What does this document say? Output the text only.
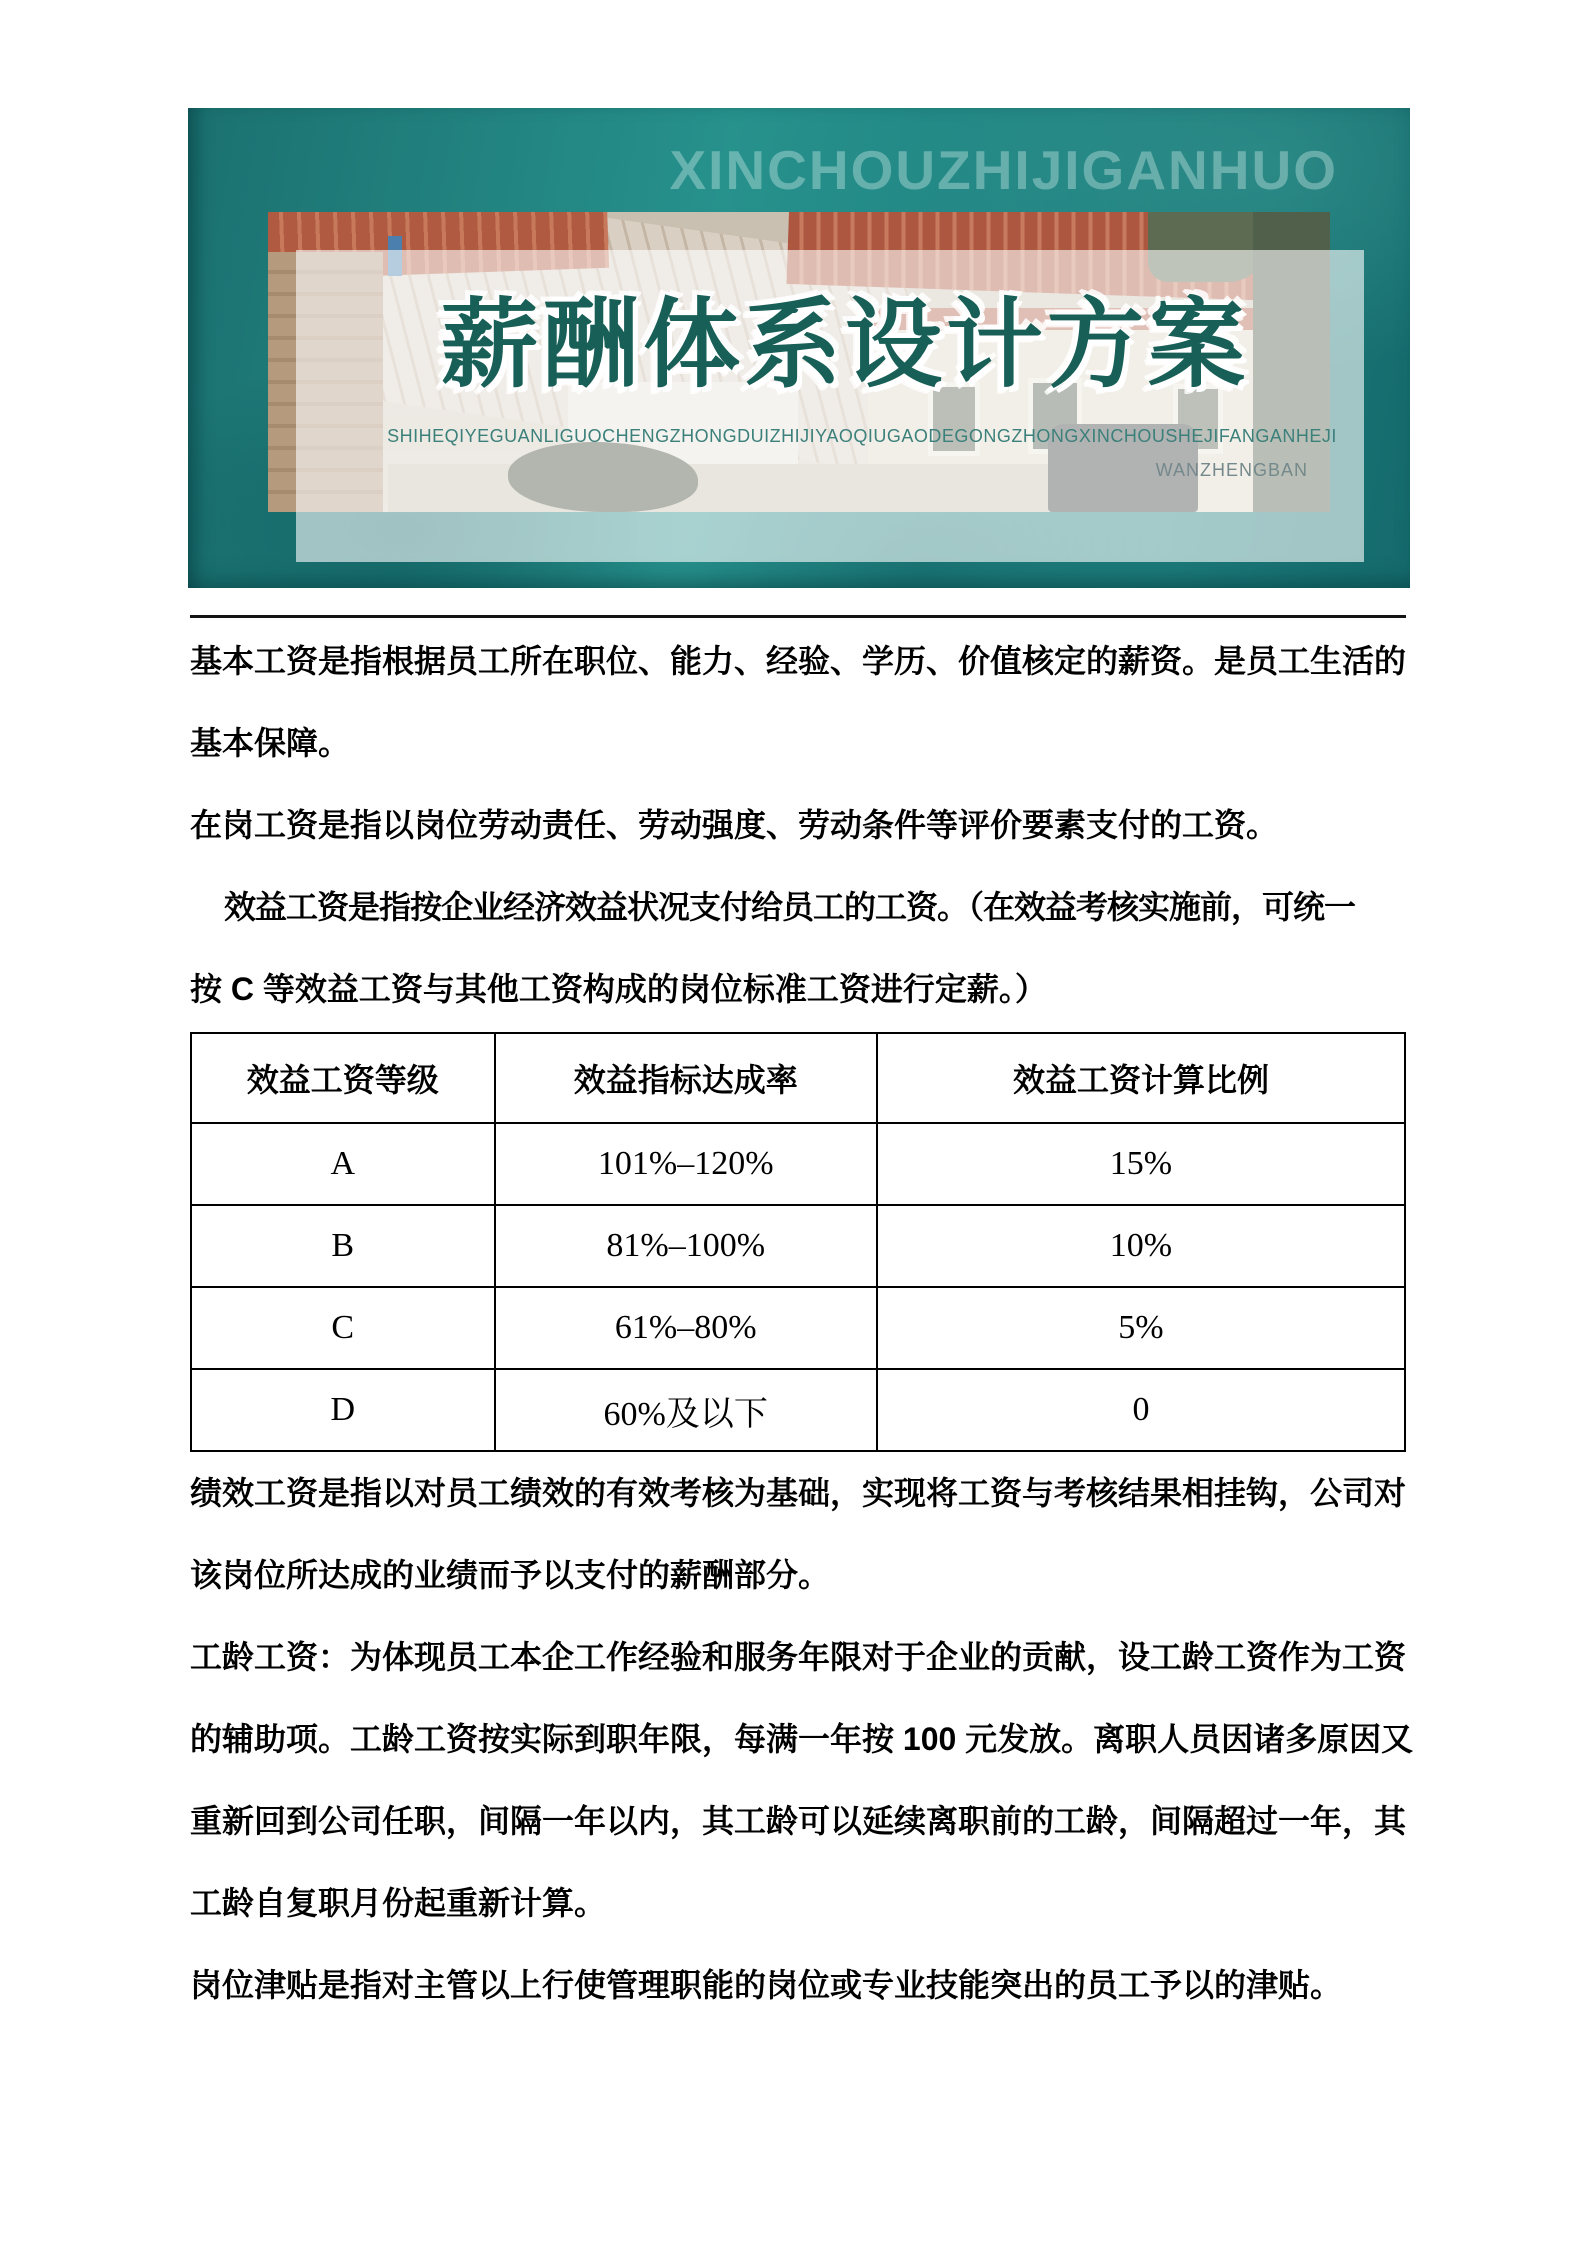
XINCHOUZHIJIGANHUO
薪酬体系设计方案
SHIHEQIYEGUANLIGUOCHENGZHONGDUIZHIJIYAOQIUGAODEGONGZHONGXINCHOUSHEJIFANGANHEJI
WANZHENGBAN

基本工资是指根据员工所在职位、能力、经验、学历、价值核定的薪资。是员工生活的

基本保障。

在岗工资是指以岗位劳动责任、劳动强度、劳动条件等评价要素支付的工资。

效益工资是指按企业经济效益状况支付给员工的工资。（在效益考核实施前，可统一

按 C 等效益工资与其他工资构成的岗位标准工资进行定薪。）

效益工资等级	效益指标达成率	效益工资计算比例
A	101%–120%	15%
B	81%–100%	10%
C	61%–80%	5%
D	60%及以下	0

绩效工资是指以对员工绩效的有效考核为基础，实现将工资与考核结果相挂钩，公司对

该岗位所达成的业绩而予以支付的薪酬部分。

工龄工资：为体现员工本企工作经验和服务年限对于企业的贡献，设工龄工资作为工资

的辅助项。工龄工资按实际到职年限，每满一年按 100 元发放。离职人员因诸多原因又

重新回到公司任职，间隔一年以内，其工龄可以延续离职前的工龄，间隔超过一年，其

工龄自复职月份起重新计算。

岗位津贴是指对主管以上行使管理职能的岗位或专业技能突出的员工予以的津贴。
